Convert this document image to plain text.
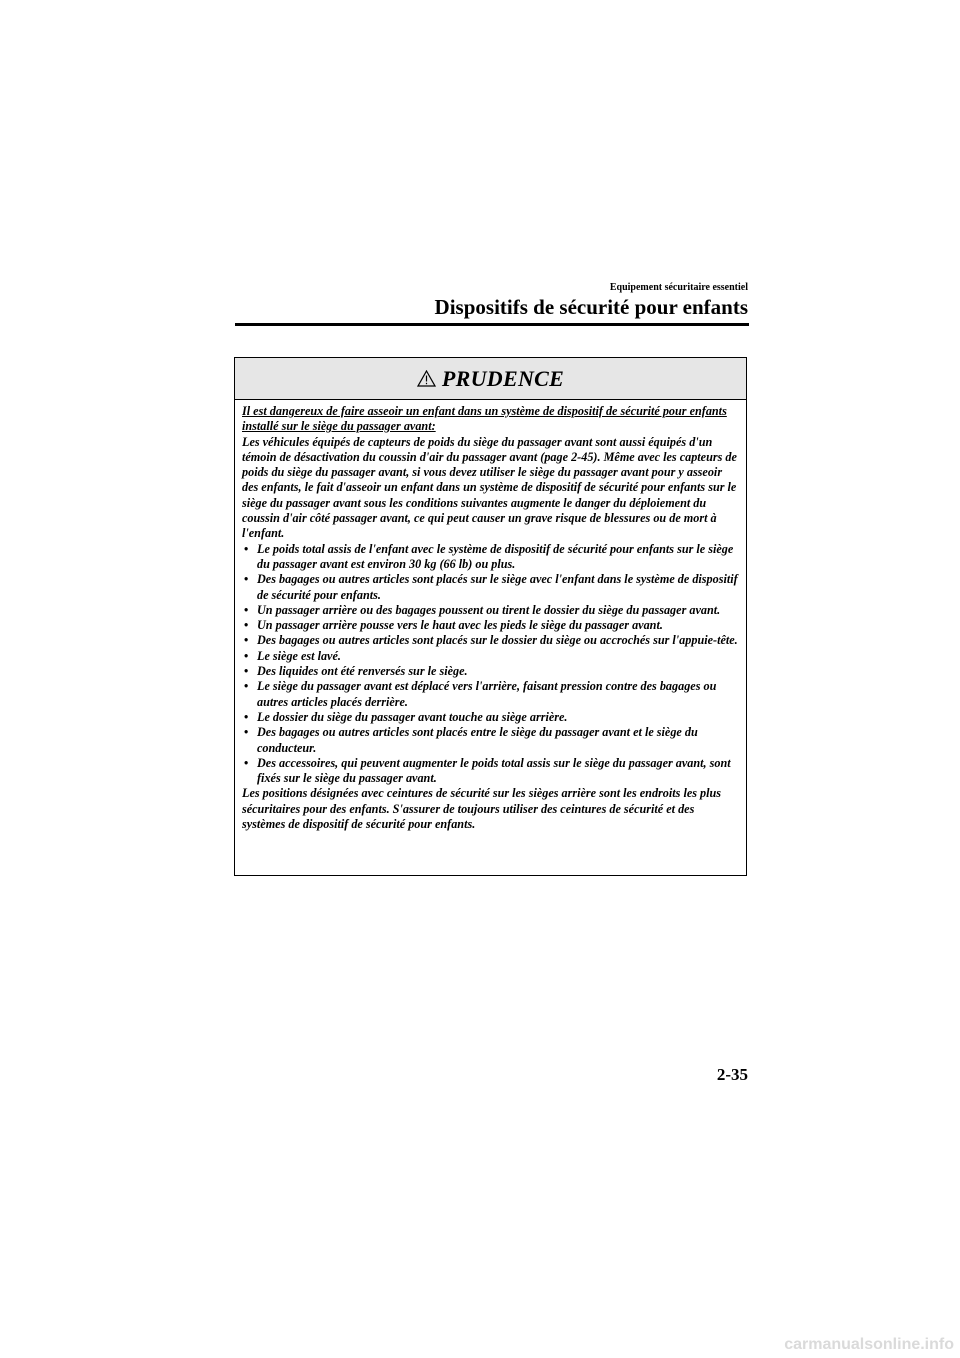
Equipement sécuritaire essentiel
Dispositifs de sécurité pour enfants
PRUDENCE

Il est dangereux de faire asseoir un enfant dans un système de dispositif de sécurité pour enfants installé sur le siège du passager avant:

Les véhicules équipés de capteurs de poids du siège du passager avant sont aussi équipés d'un témoin de désactivation du coussin d'air du passager avant (page 2-45). Même avec les capteurs de poids du siège du passager avant, si vous devez utiliser le siège du passager avant pour y asseoir des enfants, le fait d'asseoir un enfant dans un système de dispositif de sécurité pour enfants sur le siège du passager avant sous les conditions suivantes augmente le danger du déploiement du coussin d'air côté passager avant, ce qui peut causer un grave risque de blessures ou de mort à l'enfant.

• Le poids total assis de l'enfant avec le système de dispositif de sécurité pour enfants sur le siège du passager avant est environ 30 kg (66 lb) ou plus.
• Des bagages ou autres articles sont placés sur le siège avec l'enfant dans le système de dispositif de sécurité pour enfants.
• Un passager arrière ou des bagages poussent ou tirent le dossier du siège du passager avant.
• Un passager arrière pousse vers le haut avec les pieds le siège du passager avant.
• Des bagages ou autres articles sont placés sur le dossier du siège ou accrochés sur l'appuie-tête.
• Le siège est lavé.
• Des liquides ont été renversés sur le siège.
• Le siège du passager avant est déplacé vers l'arrière, faisant pression contre des bagages ou autres articles placés derrière.
• Le dossier du siège du passager avant touche au siège arrière.
• Des bagages ou autres articles sont placés entre le siège du passager avant et le siège du conducteur.
• Des accessoires, qui peuvent augmenter le poids total assis sur le siège du passager avant, sont fixés sur le siège du passager avant.

Les positions désignées avec ceintures de sécurité sur les sièges arrière sont les endroits les plus sécuritaires pour des enfants. S'assurer de toujours utiliser des ceintures de sécurité et des systèmes de dispositif de sécurité pour enfants.

2-35
carmanualsonline.info
